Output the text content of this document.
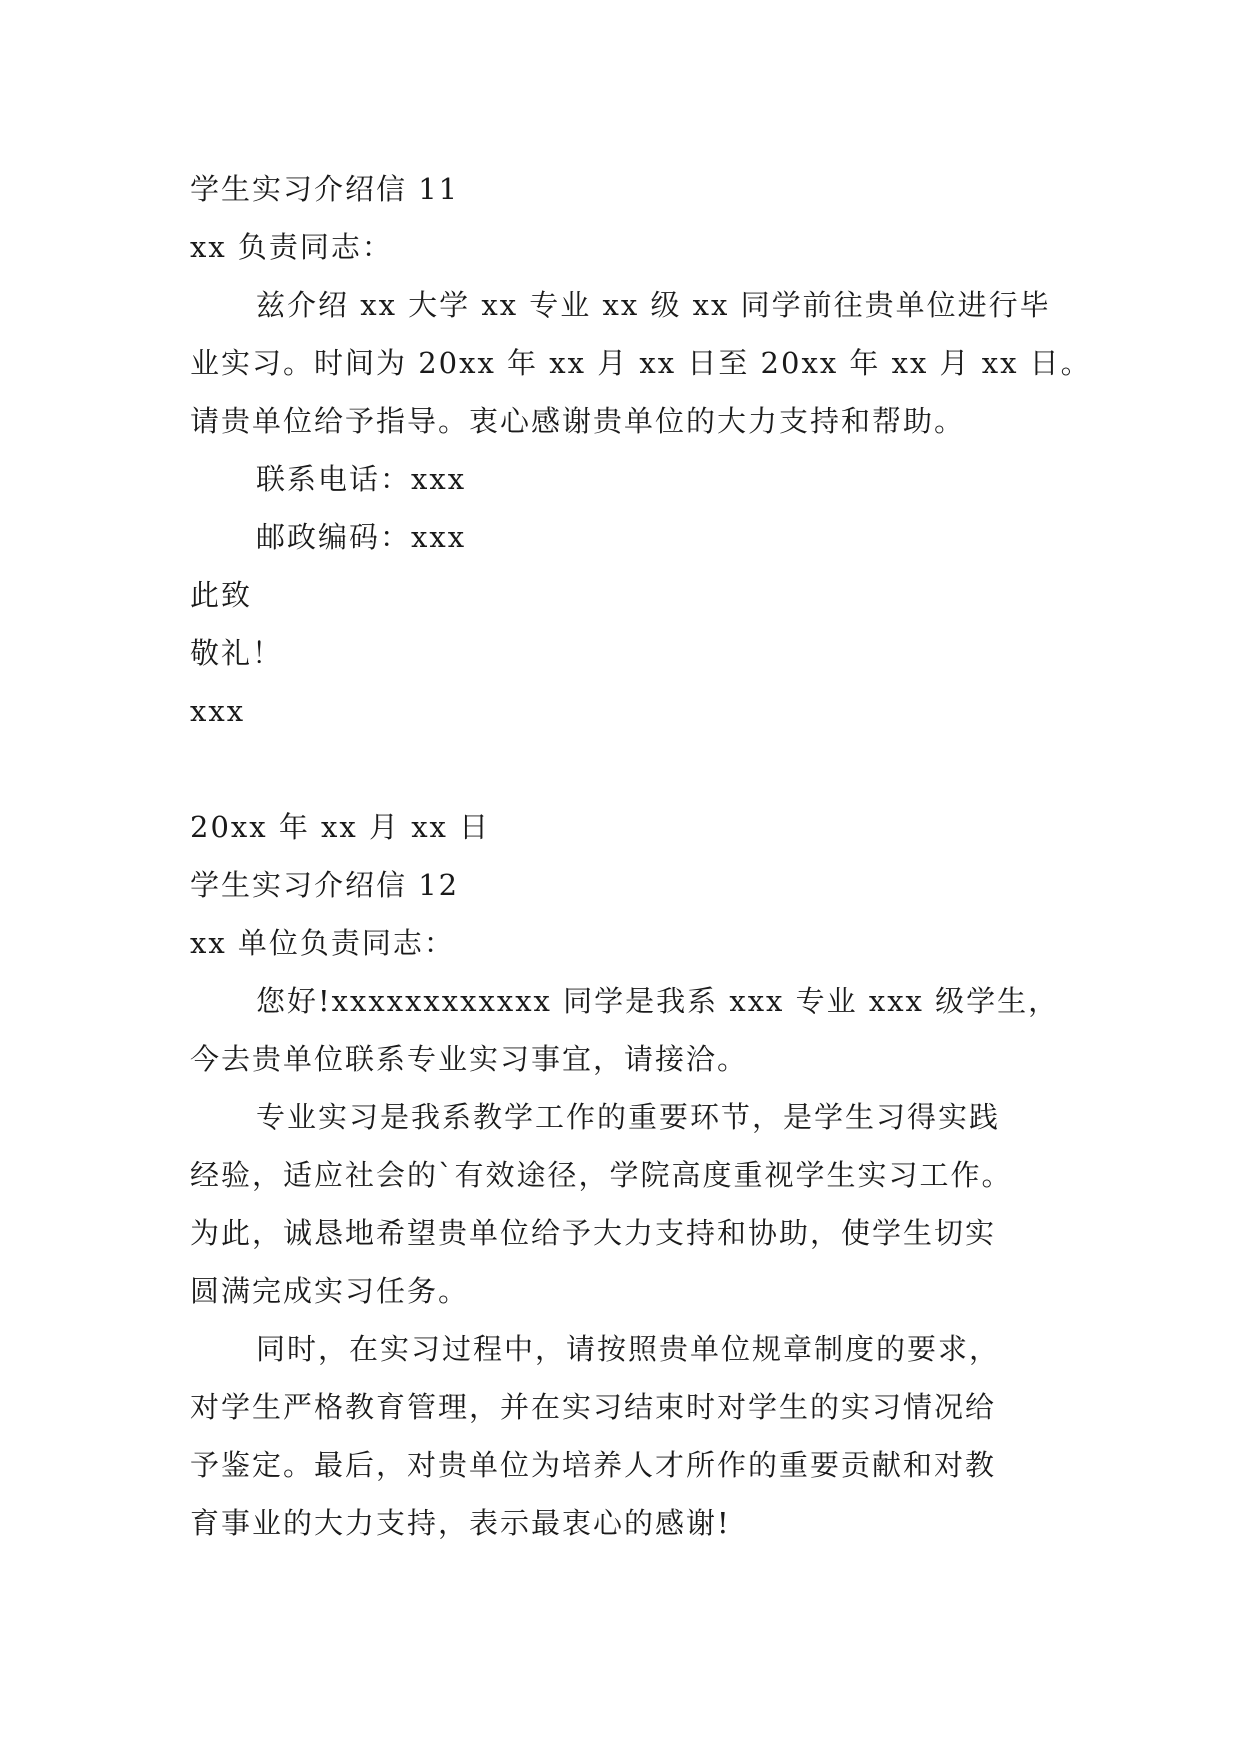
学生实习介绍信 11
xx 负责同志：
兹介绍 xx 大学 xx 专业 xx 级 xx 同学前往贵单位进行毕
业实习。时间为 20xx 年 xx 月 xx 日至 20xx 年 xx 月 xx 日。
请贵单位给予指导。衷心感谢贵单位的大力支持和帮助。
联系电话：xxx
邮政编码：xxx
此致
敬礼！
xxx
20xx 年 xx 月 xx 日
学生实习介绍信 12
xx 单位负责同志：
您好!xxxxxxxxxxxx 同学是我系 xxx 专业 xxx 级学生，
今去贵单位联系专业实习事宜，请接洽。
专业实习是我系教学工作的重要环节，是学生习得实践
经验，适应社会的`有效途径，学院高度重视学生实习工作。
为此，诚恳地希望贵单位给予大力支持和协助，使学生切实
圆满完成实习任务。
同时，在实习过程中，请按照贵单位规章制度的要求，
对学生严格教育管理，并在实习结束时对学生的实习情况给
予鉴定。最后，对贵单位为培养人才所作的重要贡献和对教
育事业的大力支持，表示最衷心的感谢!
